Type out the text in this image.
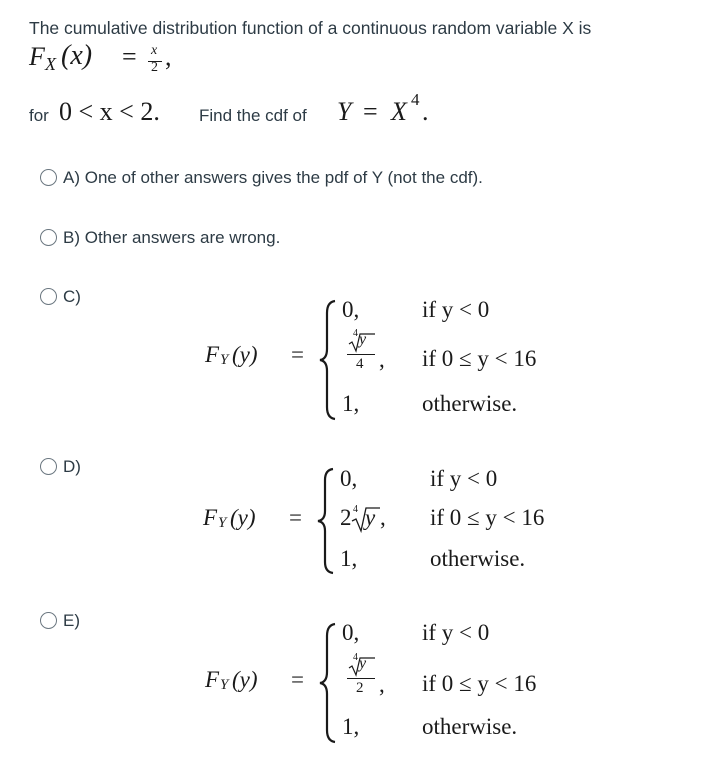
The cumulative distribution function of a continuous random variable X is
F X (x) = x
2 ,
for 0 < x < 2. Find the cdf of Y = X 4 .
A) One of other answers gives the pdf of Y (not the cdf).
B) Other answers are wrong.
C)
F Y (y) =
0,	if y < 0
4 y
4 , if 0 ≤ y < 16
1,	otherwise.
D)
F Y (y) =
0,	if y < 0
2 4 y , if 0 ≤ y < 16
1,	otherwise.
E)
F Y (y) =
0,	if y < 0
4 y
2 , if 0 ≤ y < 16
1,	otherwise.
